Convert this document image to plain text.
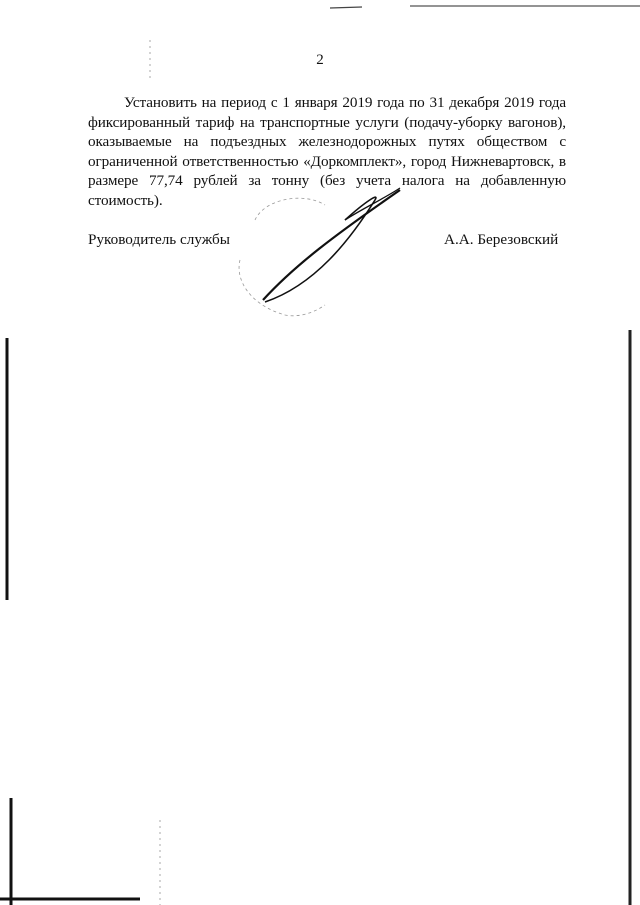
2

Установить на период с 1 января 2019 года по 31 декабря 2019 года фиксированный тариф на транспортные услуги (подачу-уборку вагонов), оказываемые на подъездных железнодорожных путях обществом с ограниченной ответственностью «Доркомплект», город Нижневартовск, в размере 77,74 рублей за тонну (без учета налога на добавленную стоимость).

Руководитель службы	А.А. Березовский
